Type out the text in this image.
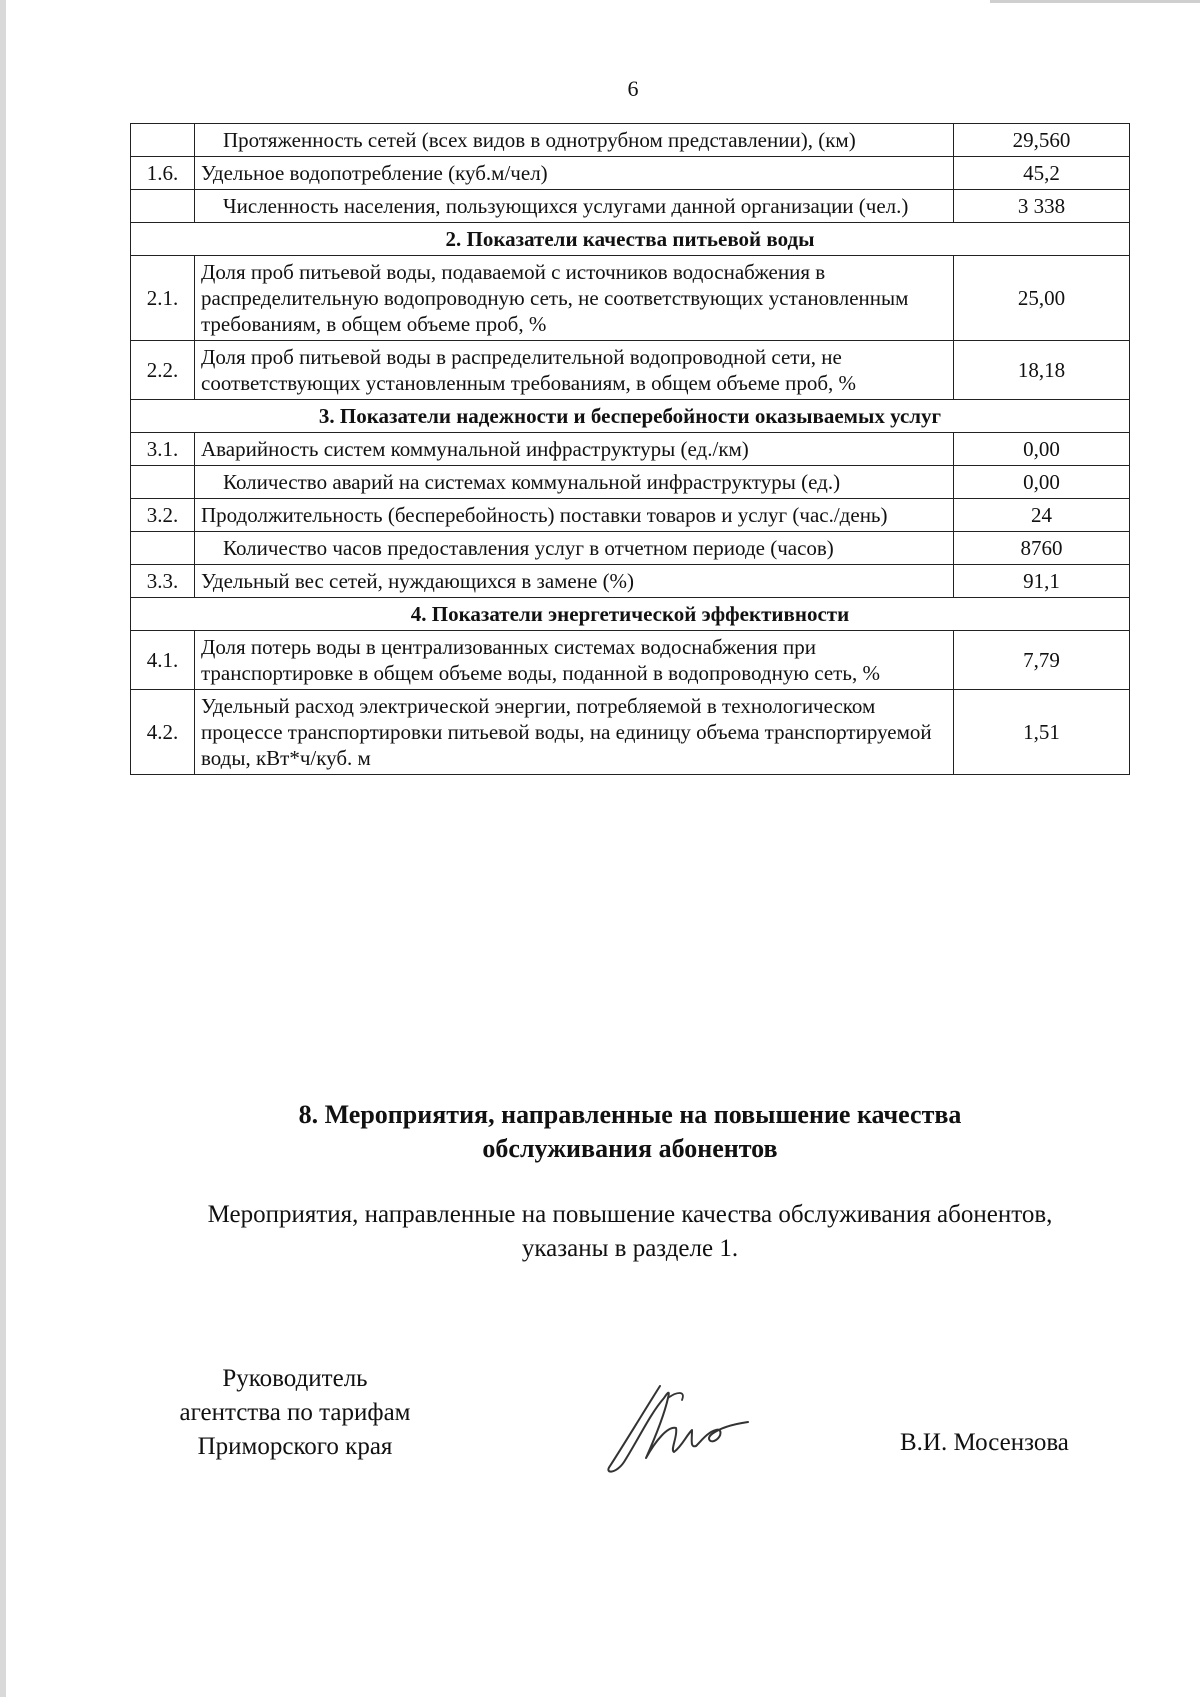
6
	Протяженность сетей (всех видов в однотрубном представлении), (км)	29,560
1.6.	Удельное водопотребление (куб.м/чел)	45,2
	Численность населения, пользующихся услугами данной организации (чел.)	3 338
2. Показатели качества питьевой воды		
2.1.	Доля проб питьевой воды, подаваемой с источников водоснабжения в распределительную водопроводную сеть, не соответствующих установленным требованиям, в общем объеме проб, %	25,00
2.2.	Доля проб питьевой воды в распределительной водопроводной сети, не соответствующих установленным требованиям, в общем объеме проб, %	18,18
3. Показатели надежности и бесперебойности оказываемых услуг		
3.1.	Аварийность систем коммунальной инфраструктуры (ед./км)	0,00
	Количество аварий на системах коммунальной инфраструктуры (ед.)	0,00
3.2.	Продолжительность (бесперебойность) поставки товаров и услуг (час./день)	24
	Количество часов предоставления услуг в отчетном периоде (часов)	8760
3.3.	Удельный вес сетей, нуждающихся в замене (%)	91,1
4. Показатели энергетической эффективности		
4.1.	Доля потерь воды в централизованных системах водоснабжения при транспортировке в общем объеме воды, поданной в водопроводную сеть, %	7,79
4.2.	Удельный расход электрической энергии, потребляемой в технологическом процессе транспортировки питьевой воды, на единицу объема транспортируемой воды, кВт*ч/куб. м	1,51
8. Мероприятия, направленные на повышение качества
обслуживания абонентов
Мероприятия, направленные на повышение качества обслуживания абонентов,
указаны в разделе 1.
Руководитель
агентства по тарифам
Приморского края	В.И. Мосензова
